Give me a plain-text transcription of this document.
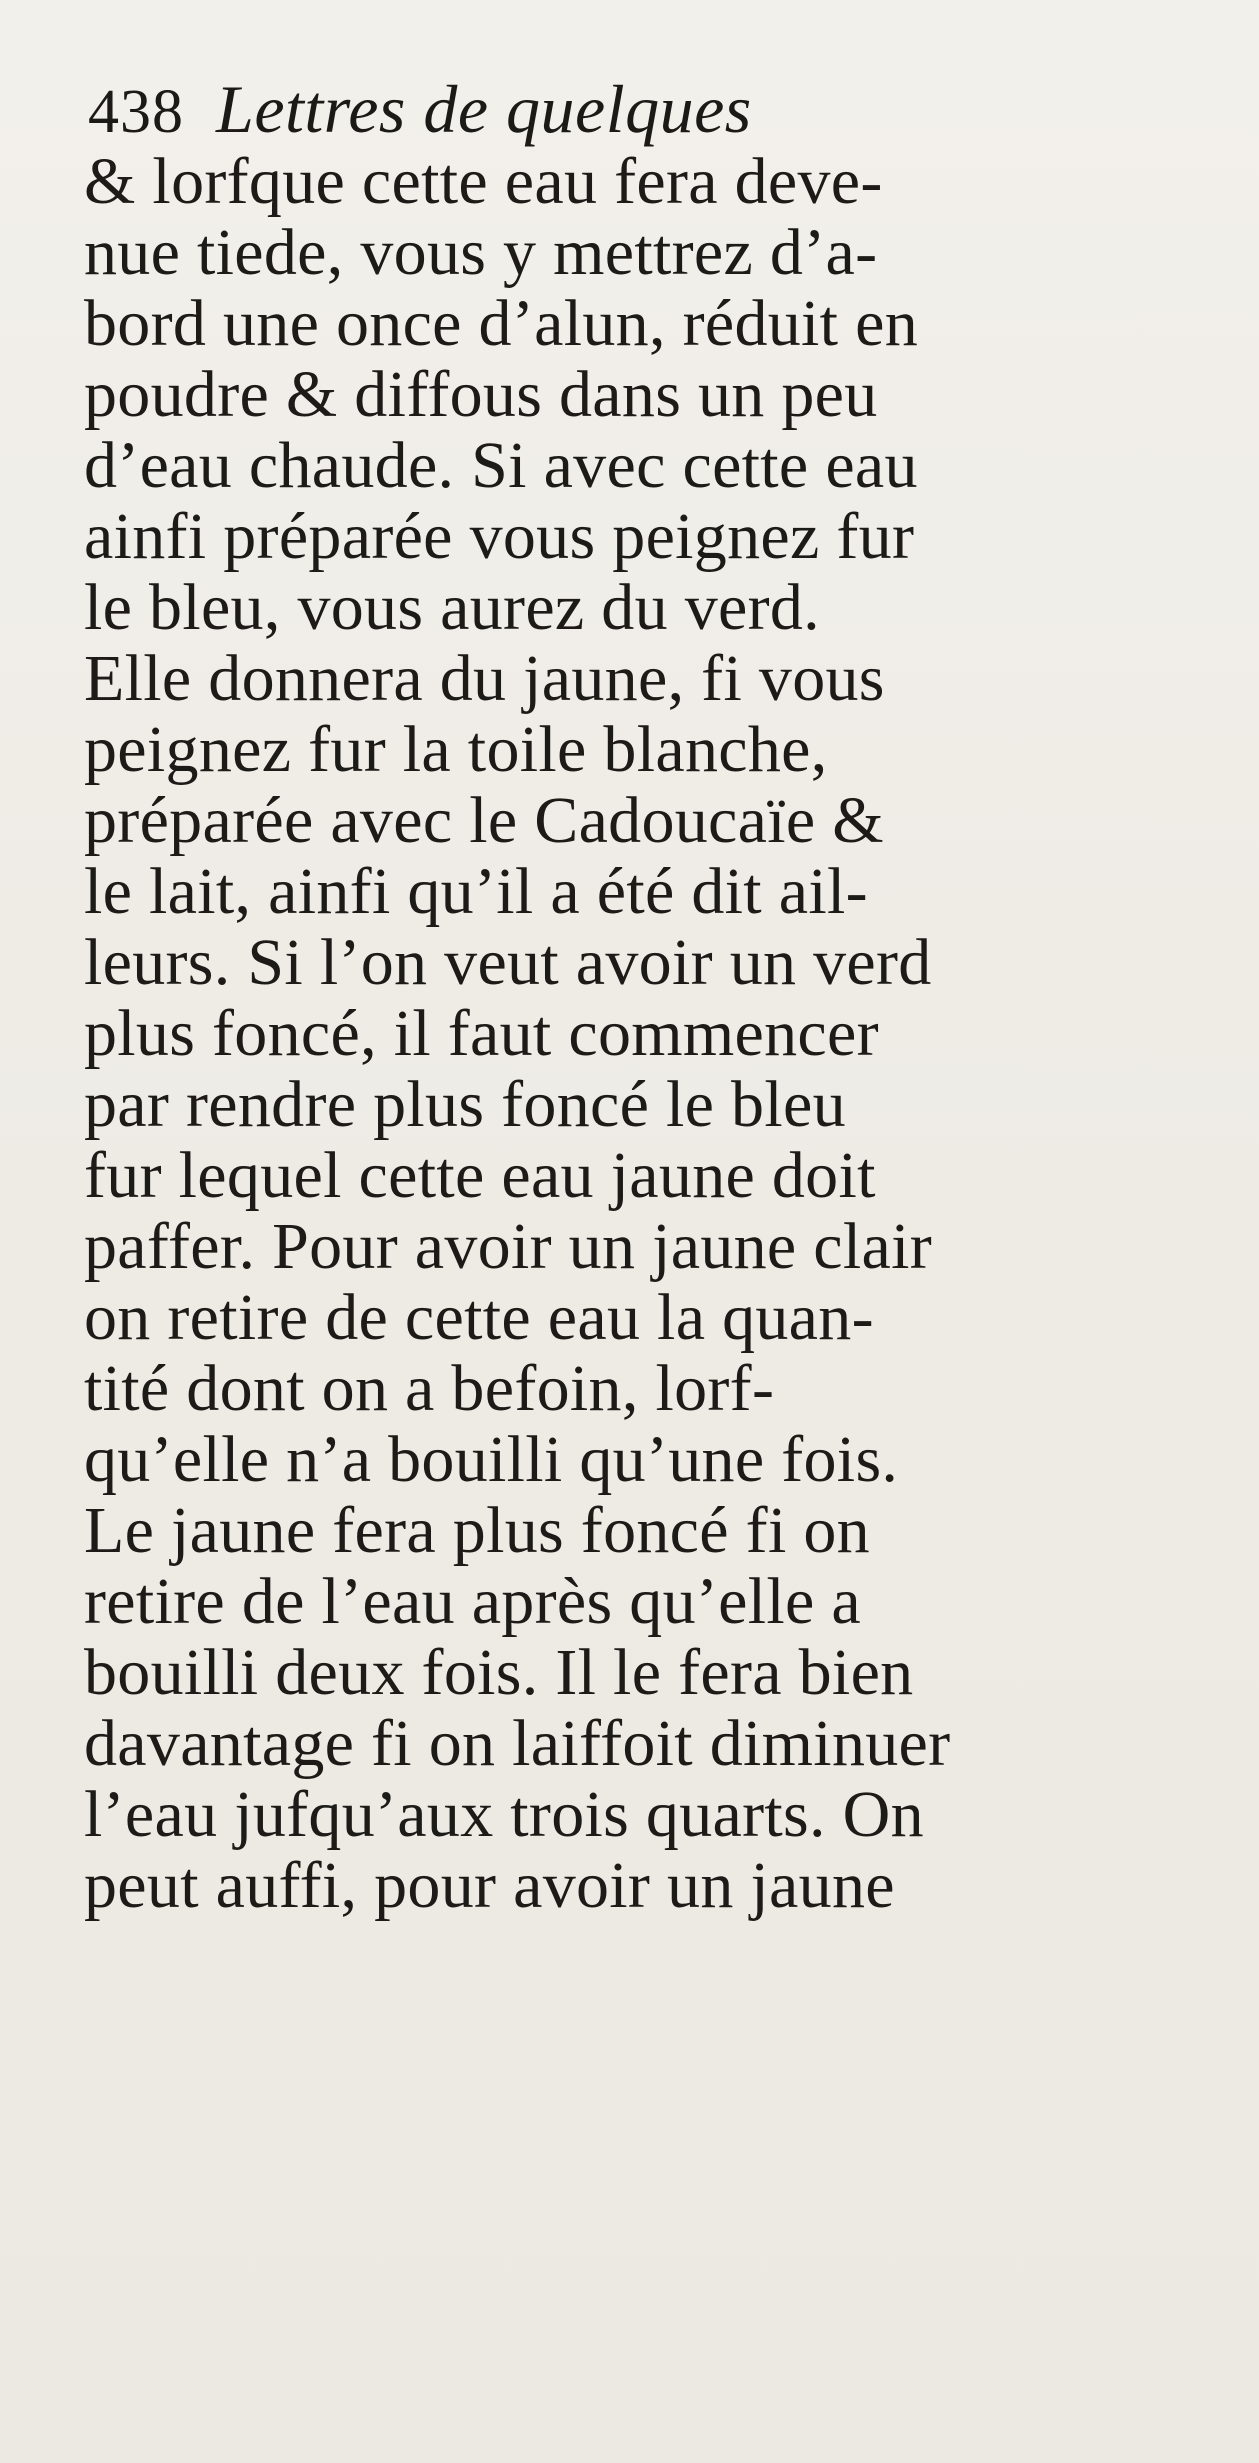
438 Lettres de quelques
& lorfque cette eau fera deve-
nue tiede, vous y mettrez d’a-
bord une once d’alun, réduit en
poudre & diffous dans un peu
d’eau chaude. Si avec cette eau
ainfi préparée vous peignez fur
le bleu, vous aurez du verd.
Elle donnera du jaune, fi vous
peignez fur la toile blanche,
préparée avec le Cadoucaïe &
le lait, ainfi qu’il a été dit ail-
leurs. Si l’on veut avoir un verd
plus foncé, il faut commencer
par rendre plus foncé le bleu
fur lequel cette eau jaune doit
paffer. Pour avoir un jaune clair
on retire de cette eau la quan-
tité dont on a befoin, lorf-
qu’elle n’a bouilli qu’une fois.
Le jaune fera plus foncé fi on
retire de l’eau après qu’elle a
bouilli deux fois. Il le fera bien
davantage fi on laiffoit diminuer
l’eau jufqu’aux trois quarts. On
peut auffi, pour avoir un jaune
